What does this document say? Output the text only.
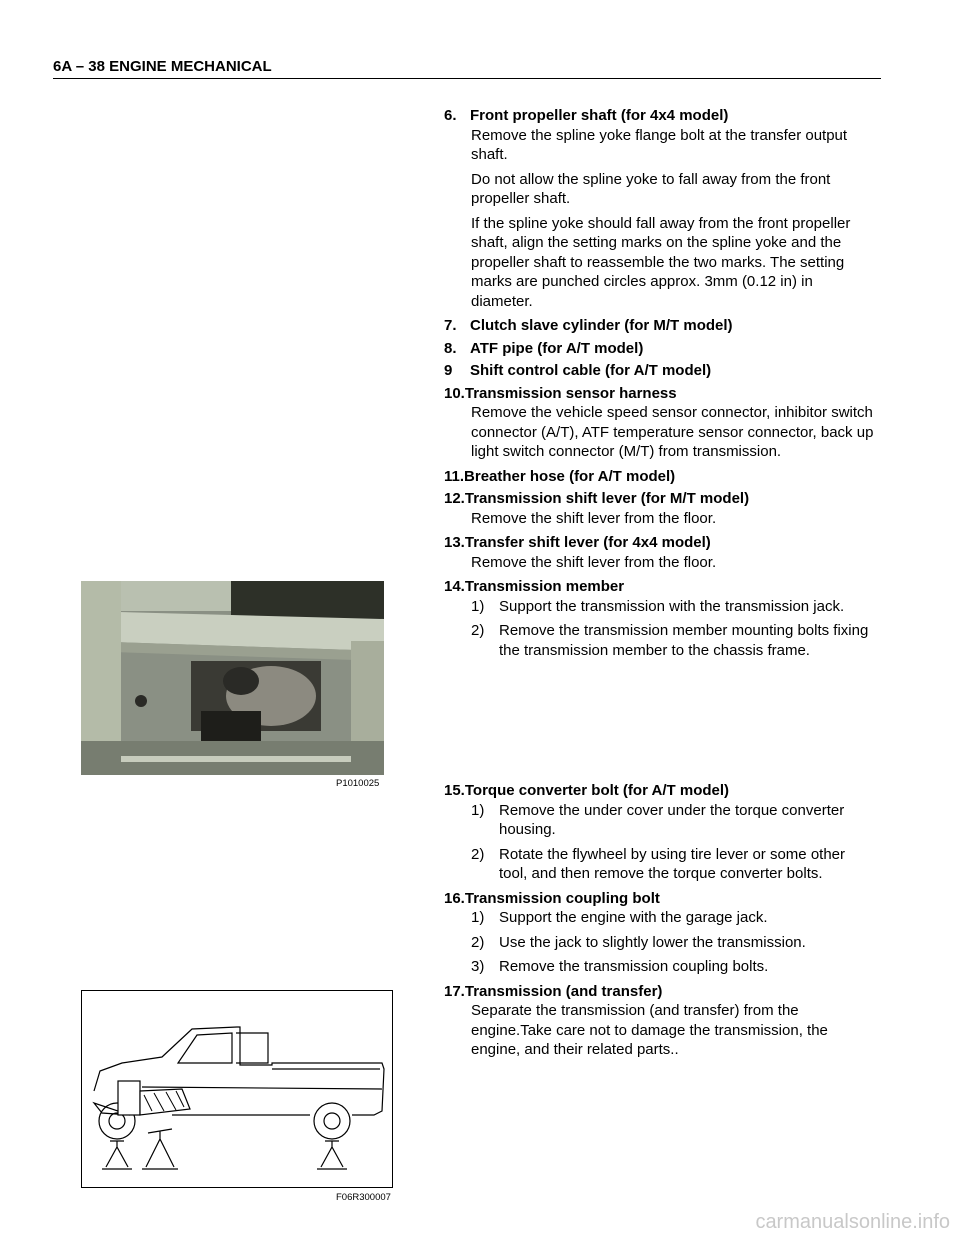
6A – 38 ENGINE MECHANICAL
P1010025
F06R300007
6. Front propeller shaft (for 4x4 model)
Remove the spline yoke flange bolt at the transfer output shaft.
Do not allow the spline yoke to fall away from the front propeller shaft.
If the spline yoke should fall away from the front propeller shaft, align the setting marks on the spline yoke and the propeller shaft to reassemble the two marks. The setting marks are punched circles approx. 3mm (0.12 in) in diameter.
7. Clutch slave cylinder (for M/T model)
8. ATF pipe (for A/T model)
9	Shift control cable (for A/T model)
10. Transmission sensor harness
Remove the vehicle speed sensor connector, inhibitor switch connector (A/T), ATF temperature sensor connector, back up light switch connector (M/T) from transmission.
11. Breather hose (for A/T model)
12. Transmission shift lever (for M/T model)
Remove the shift lever from the floor.
13. Transfer shift lever (for 4x4 model)
Remove the shift lever from the floor.
14. Transmission member
1) Support the transmission with the transmission jack.
2) Remove the transmission member mounting bolts fixing the transmission member to the chassis frame.
15. Torque converter bolt (for A/T model)
1) Remove the under cover under the torque converter housing.
2) Rotate the flywheel by using tire lever or some other tool, and then remove the torque converter bolts.
16. Transmission coupling bolt
1) Support the engine with the garage jack.
2) Use the jack to slightly lower the transmission.
3) Remove the transmission coupling bolts.
17. Transmission (and transfer)
Separate the transmission (and transfer) from the engine.Take care not to damage the transmission, the engine, and their related parts..
carmanualsonline.info
